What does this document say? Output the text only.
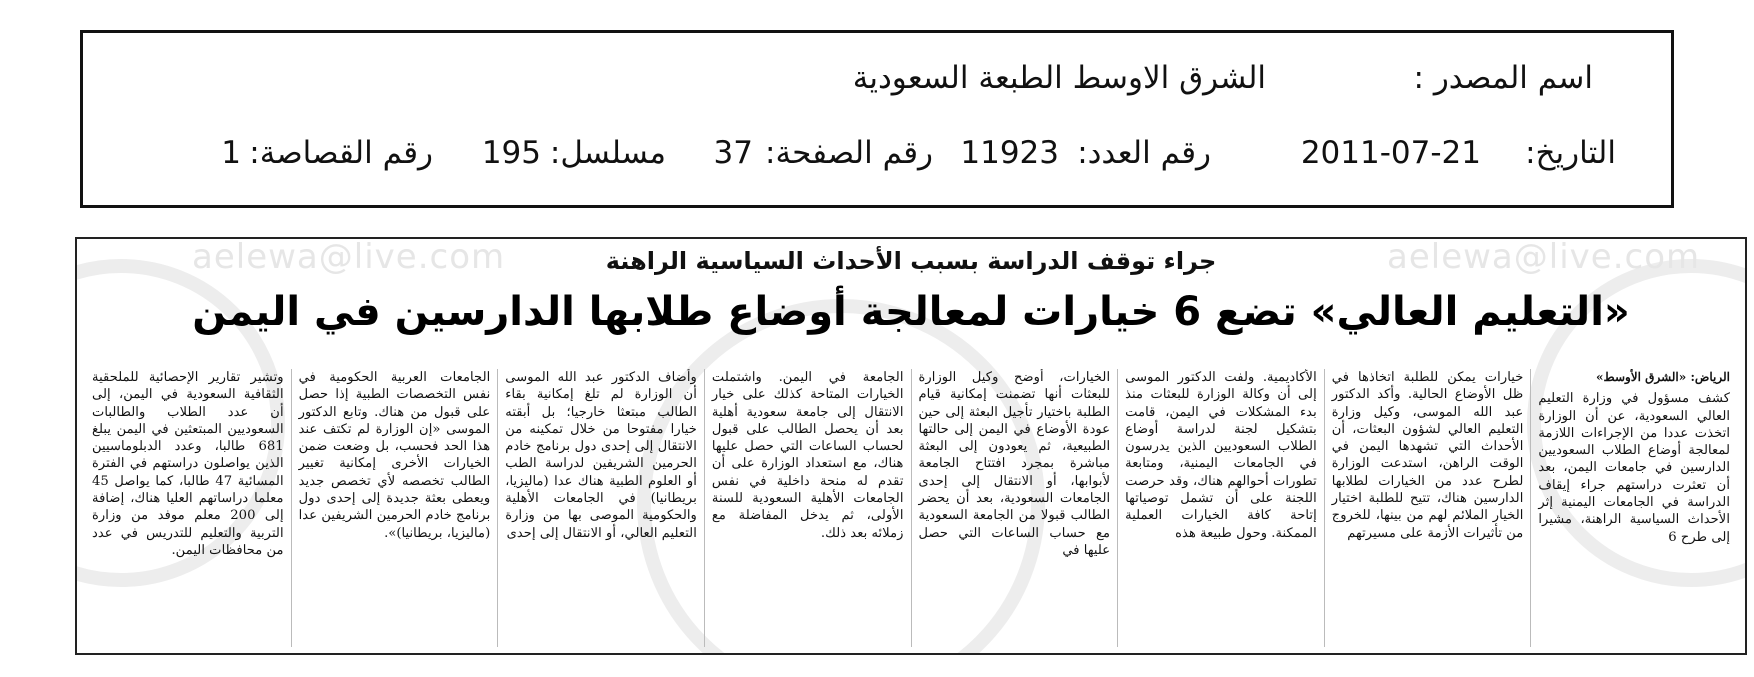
اسم المصدر :
الشرق الاوسط الطبعة السعودية
التاريخ:
2011-07-21
رقم العدد:
11923
رقم الصفحة:
37
مسلسل:
195
رقم القصاصة:
1
aelewa@live.com	aelewa@live.com
جراء توقف الدراسة بسبب الأحداث السياسية الراهنة
«التعليم العالي» تضع 6 خيارات لمعالجة أوضاع طلابها الدارسين في اليمن

الرياض: «الشرق الأوسط»

كشف مسؤول في وزارة التعليم العالي السعودية، عن أن الوزارة اتخذت عددا من الإجراءات اللازمة لمعالجة أوضاع الطلاب السعوديين الدارسين في جامعات اليمن، بعد أن تعثرت دراستهم جراء إيقاف الدراسة في الجامعات اليمنية إثر الأحداث السياسية الراهنة، مشيرا إلى طرح 6

خيارات يمكن للطلبة اتخاذها في ظل الأوضاع الحالية. وأكد الدكتور عبد الله الموسى، وكيل وزارة التعليم العالي لشؤون البعثات، أن الأحداث التي تشهدها اليمن في الوقت الراهن، استدعت الوزارة لطرح عدد من الخيارات لطلابها الدارسين هناك، تتيح للطلبة اختيار الخيار الملائم لهم من بينها، للخروج من تأثيرات الأزمة على مسيرتهم

الأكاديمية. ولفت الدكتور الموسى إلى أن وكالة الوزارة للبعثات منذ بدء المشكلات في اليمن، قامت بتشكيل لجنة لدراسة أوضاع الطلاب السعوديين الذين يدرسون في الجامعات اليمنية، ومتابعة تطورات أحوالهم هناك، وقد حرصت اللجنة على أن تشمل توصياتها إتاحة كافة الخيارات العملية الممكنة. وحول طبيعة هذه

الخيارات، أوضح وكيل الوزارة للبعثات أنها تضمنت إمكانية قيام الطلبة باختيار تأجيل البعثة إلى حين عودة الأوضاع في اليمن إلى حالتها الطبيعية، ثم يعودون إلى البعثة مباشرة بمجرد افتتاح الجامعة لأبوابها، أو الانتقال إلى إحدى الجامعات السعودية، بعد أن يحضر الطالب قبولا من الجامعة السعودية مع حساب الساعات التي حصل عليها في

الجامعة في اليمن. واشتملت الخيارات المتاحة كذلك على خيار الانتقال إلى جامعة سعودية أهلية بعد أن يحصل الطالب على قبول لحساب الساعات التي حصل عليها هناك، مع استعداد الوزارة على أن تقدم له منحة داخلية في نفس الجامعات الأهلية السعودية للسنة الأولى، ثم يدخل المفاضلة مع زملائه بعد ذلك.

وأضاف الدكتور عبد الله الموسى أن الوزارة لم تلغ إمكانية بقاء الطالب مبتعثا خارجيا؛ بل أبقته خيارا مفتوحا من خلال تمكينه من الانتقال إلى إحدى دول برنامج خادم الحرمين الشريفين لدراسة الطب أو العلوم الطبية هناك عدا (ماليزيا، بريطانيا) في الجامعات الأهلية والحكومية الموصى بها من وزارة التعليم العالي، أو الانتقال إلى إحدى

الجامعات العربية الحكومية في نفس التخصصات الطبية إذا حصل على قبول من هناك. وتابع الدكتور الموسى «إن الوزارة لم تكتف عند هذا الحد فحسب، بل وضعت ضمن الخيارات الأخرى إمكانية تغيير الطالب تخصصه لأي تخصص جديد ويعطى بعثة جديدة إلى إحدى دول برنامج خادم الحرمين الشريفين عدا (ماليزيا، بريطانيا)».

وتشير تقارير الإحصائية للملحقية الثقافية السعودية في اليمن، إلى أن عدد الطلاب والطالبات السعوديين المبتعثين في اليمن يبلغ 681 طالبا، وعدد الدبلوماسيين الذين يواصلون دراستهم في الفترة المسائية 47 طالبا، كما يواصل 45 معلما دراساتهم العليا هناك، إضافة إلى 200 معلم موفد من وزارة التربية والتعليم للتدريس في عدد من محافظات اليمن.
